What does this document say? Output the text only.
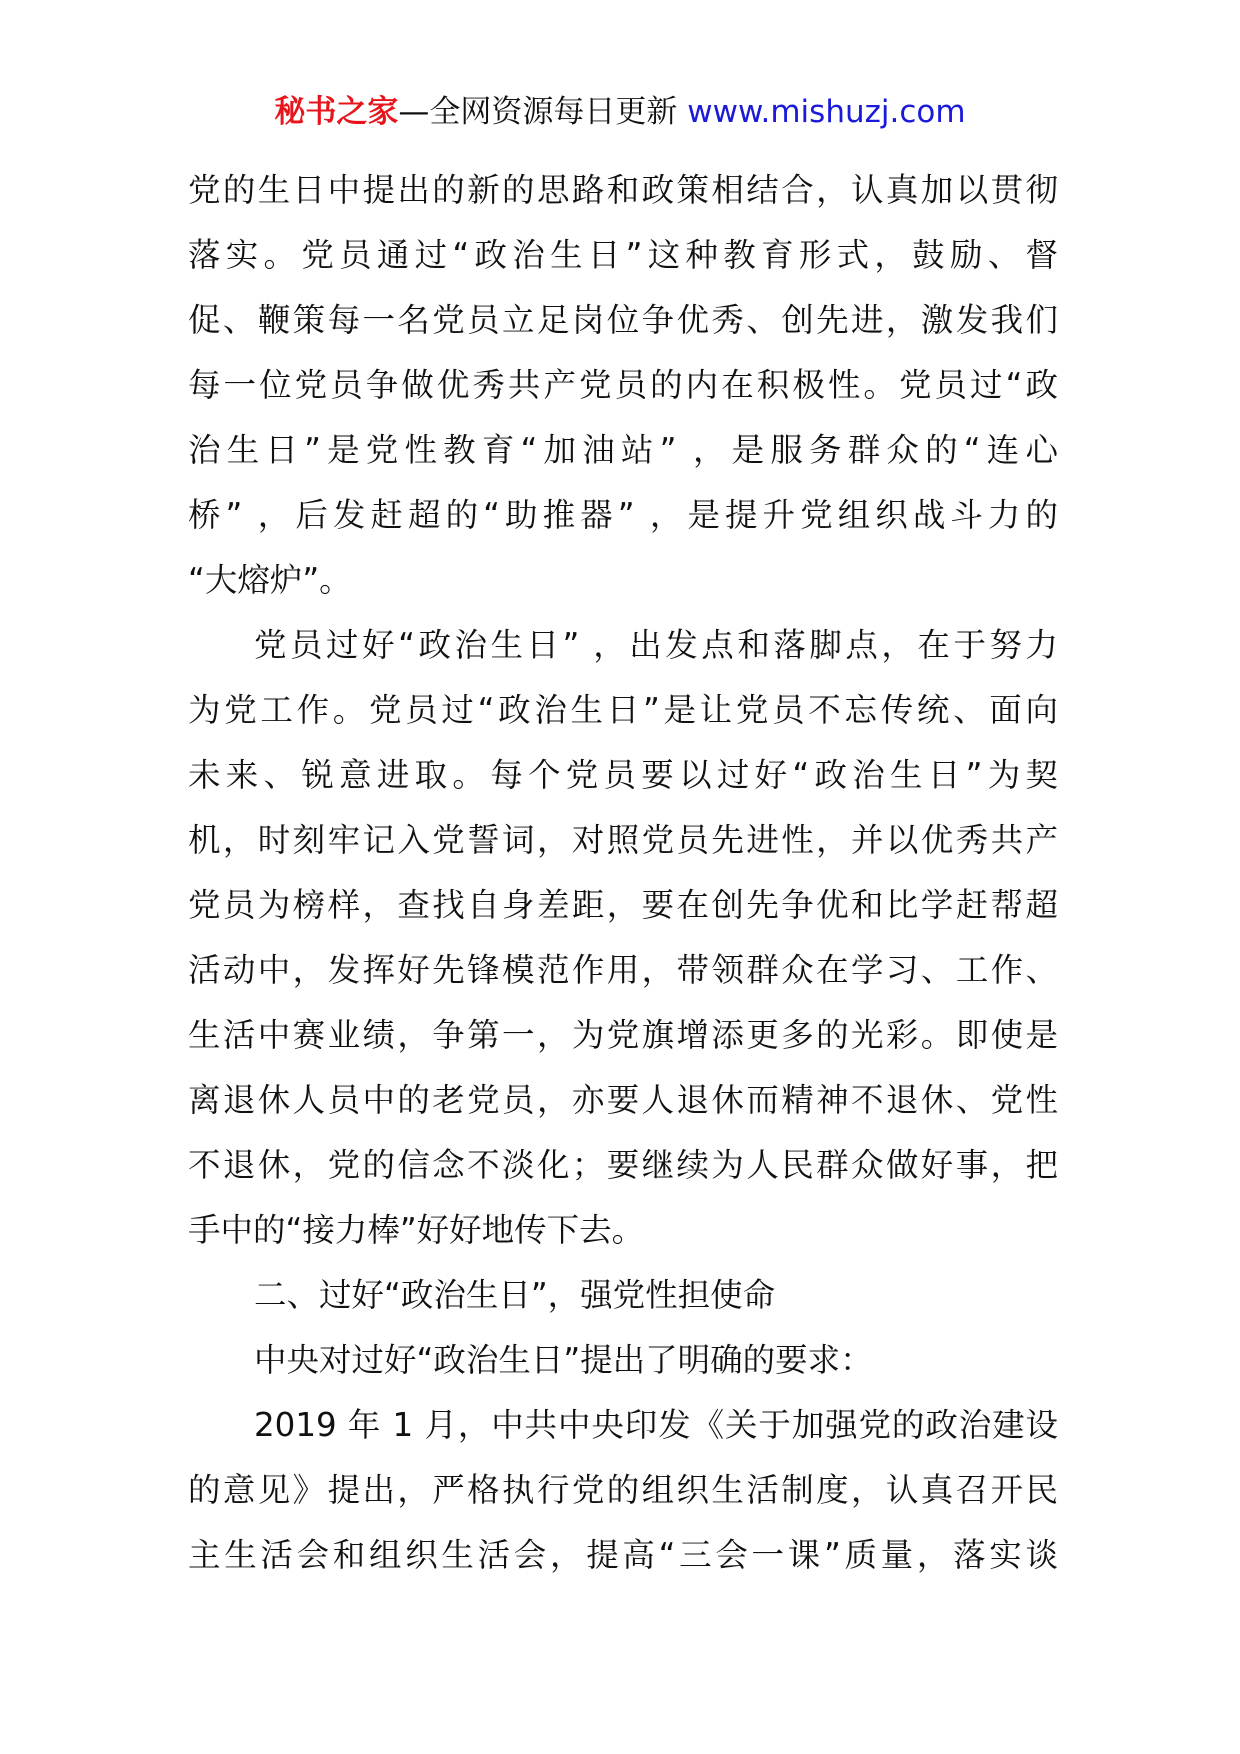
秘书之家—全网资源每日更新 www.mishuzj.com
党的生日中提出的新的思路和政策相结合，认真加以贯彻
落实。党员通过“政治生日”这种教育形式，鼓励、督
促、鞭策每一名党员立足岗位争优秀、创先进，激发我们
每一位党员争做优秀共产党员的内在积极性。党员过“政
治生日”是党性教育“加油站” ，是服务群众的“连心
桥” ，后发赶超的“助推器” ，是提升党组织战斗力的
“大熔炉”。
党员过好“政治生日” ，出发点和落脚点，在于努力
为党工作。党员过“政治生日”是让党员不忘传统、面向
未来、锐意进取。每个党员要以过好“政治生日”为契
机，时刻牢记入党誓词，对照党员先进性，并以优秀共产
党员为榜样，查找自身差距，要在创先争优和比学赶帮超
活动中，发挥好先锋模范作用，带领群众在学习、工作、
生活中赛业绩，争第一，为党旗增添更多的光彩。即使是
离退休人员中的老党员，亦要人退休而精神不退休、党性
不退休，党的信念不淡化；要继续为人民群众做好事，把
手中的“接力棒”好好地传下去。
二、过好“政治生日”，强党性担使命
中央对过好“政治生日”提出了明确的要求：
2019 年 1 月，中共中央印发《关于加强党的政治建设
的意见》提出，严格执行党的组织生活制度，认真召开民
主生活会和组织生活会，提高“三会一课”质量，落实谈
